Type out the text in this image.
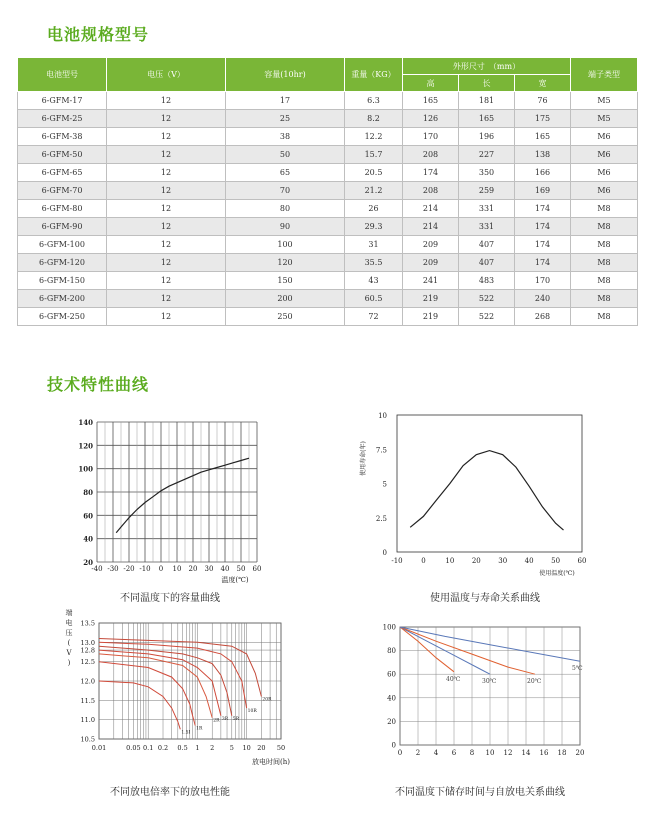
电池规格型号
电池型号	电压（V）	容量(10hr)	重量（KG）	外形尺寸　（mm）			端子类型
				高	长	宽	
6-GFM-17	12	17	6.3	165	181	76	M5
6-GFM-25	12	25	8.2	126	165	175	M5
6-GFM-38	12	38	12.2	170	196	165	M6
6-GFM-50	12	50	15.7	208	227	138	M6
6-GFM-65	12	65	20.5	174	350	166	M6
6-GFM-70	12	70	21.2	208	259	169	M6
6-GFM-80	12	80	26	214	331	174	M8
6-GFM-90	12	90	29.3	214	331	174	M8
6-GFM-100	12	100	31	209	407	174	M8
6-GFM-120	12	120	35.5	209	407	174	M8
6-GFM-150	12	150	43	241	483	170	M8
6-GFM-200	12	200	60.5	219	522	240	M8
6-GFM-250	12	250	72	219	522	268	M8
技术特性曲线
-40 -30 -20 -10 0 10 20 30 40 50 60
20
40
60
80
100
120
140
温度(℃)
不同温度下的容量曲线
-10	0	10	20	30	40	50	60
0
2.5
5
7.5
10
使用温度(℃)
使用寿命(年)
使用温度与寿命关系曲线
0.01	0.05 0.1 0.2 0.5 1 2 5 10 20 50
10.5
11.0
11.5
12.0
12.5
12.8
13.0
13.5
1.5I
1R
2R 3R 5R
10R
20R
放电时间(h)
端
电
压
(
V
)
不同放电倍率下的放电性能
0 2 4 6 8 10 12 14 16 18 20
0
20
40
60
80
100
40℃	30℃	20℃
5℃
不同温度下储存时间与自放电关系曲线
